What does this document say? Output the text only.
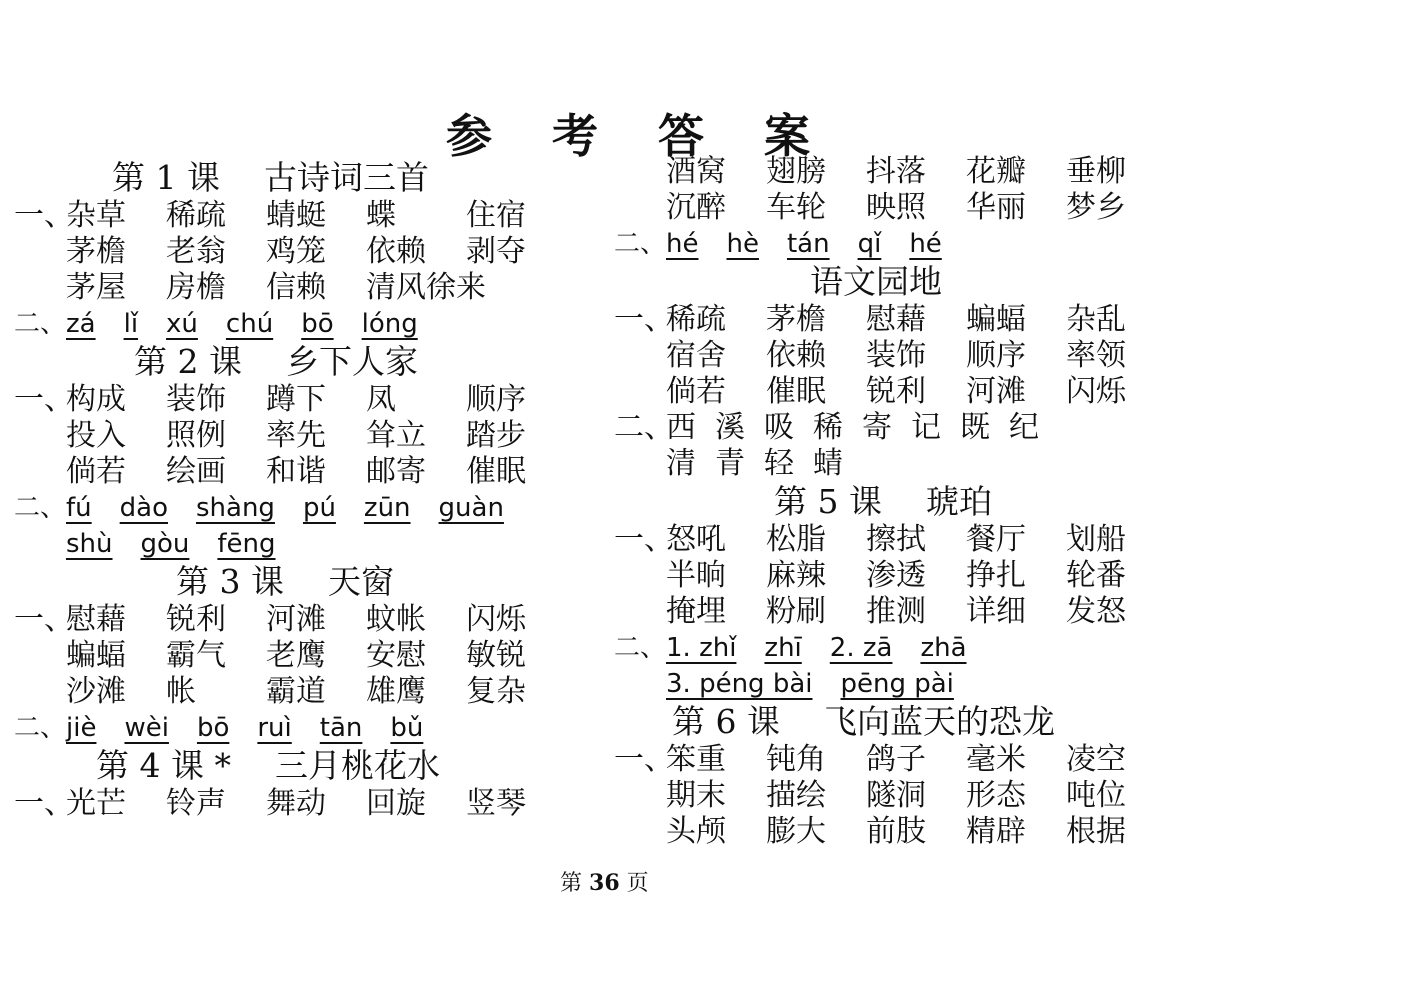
参 考 答 案
第 1 课 古诗词三首
一、
杂草	稀疏	蜻蜓	蝶	住宿
茅檐	老翁	鸡笼	依赖	剥夺
茅屋	房檐	信赖	清风徐来
二、 zá lǐ xú chú bō lóng
第 2 课 乡下人家
一、
构成	装饰	蹲下	凤	顺序
投入	照例	率先	耸立	踏步
倘若	绘画	和谐	邮寄	催眠
二、 fú dào shàng pú zūn guàn
shù gòu fēng
第 3 课 天窗
一、
慰藉	锐利	河滩	蚊帐	闪烁
蝙蝠	霸气	老鹰	安慰	敏锐
沙滩	帐	霸道	雄鹰	复杂
二、 jiè wèi bō ruì tān bǔ
第 4 课 * 三月桃花水
一、
光芒	铃声	舞动	回旋	竖琴
酒窝	翅膀	抖落	花瓣	垂柳
沉醉	车轮	映照	华丽	梦乡
二、 hé hè tán qǐ hé
语文园地
一、
稀疏	茅檐	慰藉	蝙蝠	杂乱
宿舍	依赖	装饰	顺序	率领
倘若	催眠	锐利	河滩	闪烁
二、
西 溪 吸 稀 寄 记 既 纪
清 青 轻 蜻
第 5 课 琥珀
一、
怒吼	松脂	擦拭	餐厅	划船
半晌	麻辣	渗透	挣扎	轮番
掩埋	粉刷	推测	详细	发怒
二、 1. zhǐ zhī 2. zā zhā
3. péng bài pēng pài
第 6 课 飞向蓝天的恐龙
一、
笨重	钝角	鸽子	毫米	凌空
期末	描绘	隧洞	形态	吨位
头颅	膨大	前肢	精辟	根据
第 36 页
